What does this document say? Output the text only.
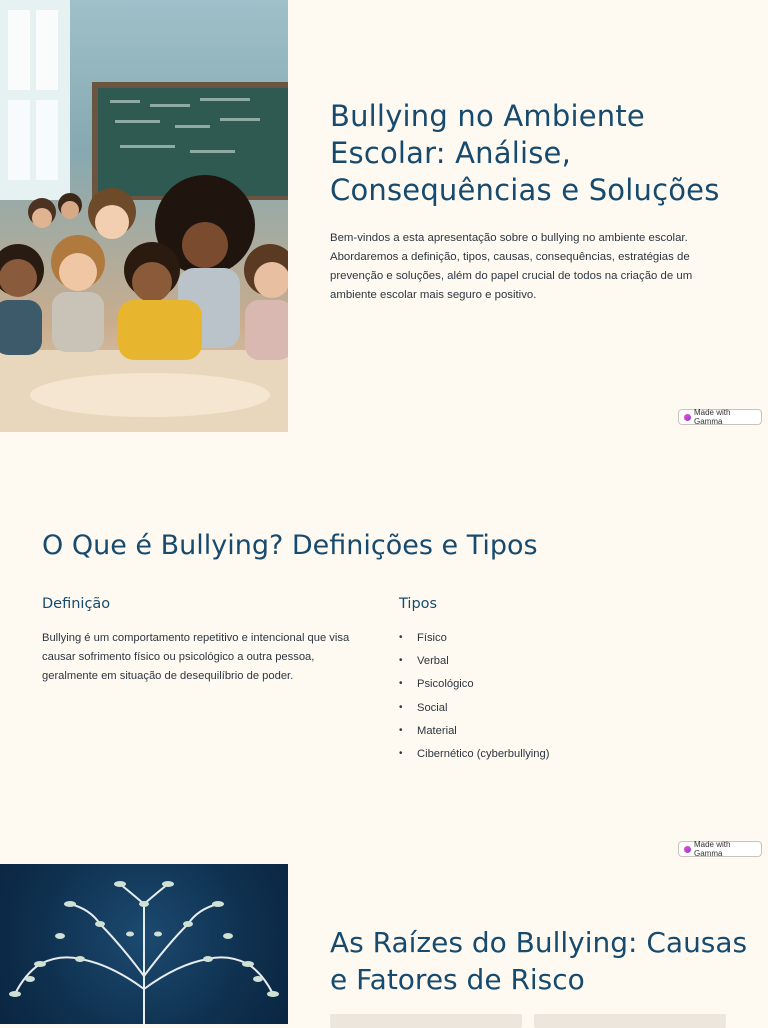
Bullying no Ambiente Escolar: Análise, Consequências e Soluções

Bem-vindos a esta apresentação sobre o bullying no ambiente escolar. Abordaremos a definição, tipos, causas, consequências, estratégias de prevenção e soluções, além do papel crucial de todos na criação de um ambiente escolar mais seguro e positivo.

Made with Gamma
O Que é Bullying? Definições e Tipos
Definição

Bullying é um comportamento repetitivo e intencional que visa causar sofrimento físico ou psicológico a outra pessoa, geralmente em situação de desequilíbrio de poder.

Tipos
• Físico
• Verbal
• Psicológico
• Social
• Material
• Cibernético (cyberbullying)
Made with Gamma
As Raízes do Bullying: Causas e Fatores de Risco
